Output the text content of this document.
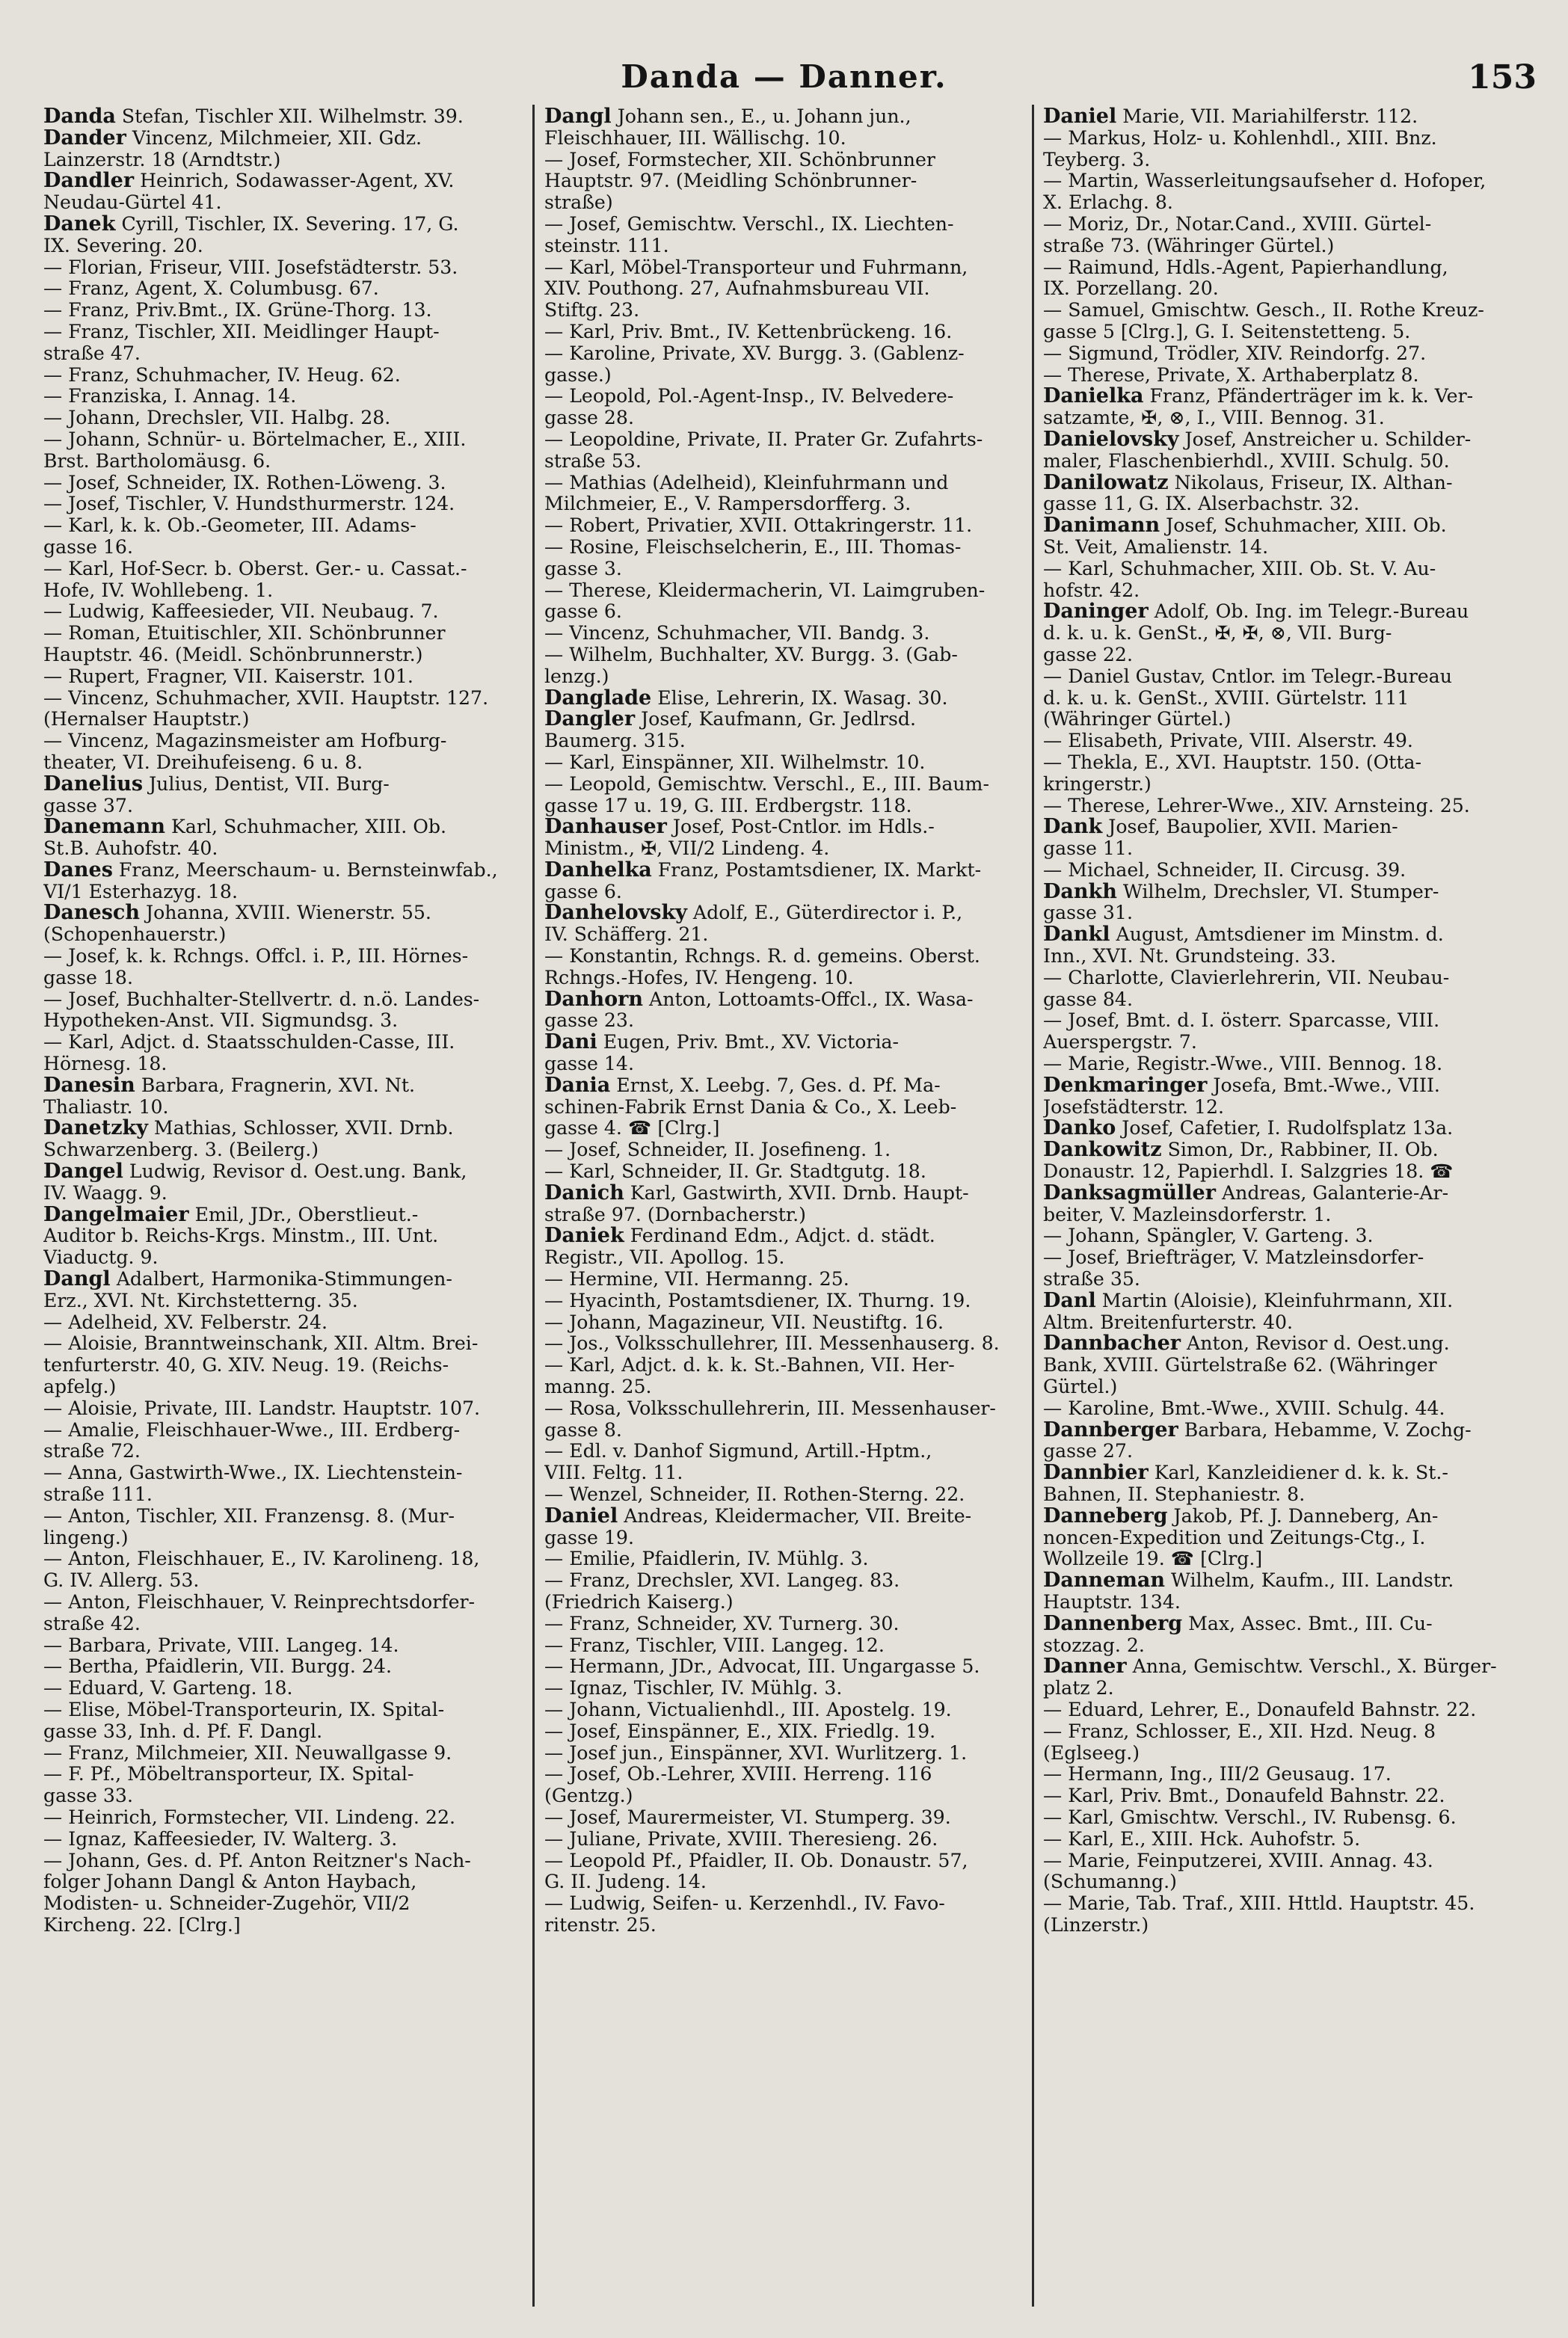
Danda — Danner.	153

Danda Stefan, Tischler XII. Wilhelmstr. 39.

Dander Vincenz, Milchmeier, XII. Gdz.
Lainzerstr. 18 (Arndtstr.)

Dandler Heinrich, Sodawasser-Agent, XV.
Neudau-Gürtel 41.

Danek Cyrill, Tischler, IX. Severing. 17, G.
IX. Severing. 20.

— Florian, Friseur, VIII. Josefstädterstr. 53.

— Franz, Agent, X. Columbusg. 67.

— Franz, Priv.Bmt., IX. Grüne-Thorg. 13.

— Franz, Tischler, XII. Meidlinger Haupt-
straße 47.

— Franz, Schuhmacher, IV. Heug. 62.

— Franziska, I. Annag. 14.

— Johann, Drechsler, VII. Halbg. 28.

— Johann, Schnür- u. Börtelmacher, E., XIII.
Brst. Bartholomäusg. 6.

— Josef, Schneider, IX. Rothen-Löweng. 3.

— Josef, Tischler, V. Hundsthurmerstr. 124.

— Karl, k. k. Ob.-Geometer, III. Adams-
gasse 16.

— Karl, Hof-Secr. b. Oberst. Ger.- u. Cassat.-
Hofe, IV. Wohllebeng. 1.

— Ludwig, Kaffeesieder, VII. Neubaug. 7.

— Roman, Etuitischler, XII. Schönbrunner
Hauptstr. 46. (Meidl. Schönbrunnerstr.)

— Rupert, Fragner, VII. Kaiserstr. 101.

— Vincenz, Schuhmacher, XVII. Hauptstr. 127.
(Hernalser Hauptstr.)

— Vincenz, Magazinsmeister am Hofburg-
theater, VI. Dreihufeiseng. 6 u. 8.

Danelius Julius, Dentist, VII. Burg-
gasse 37.

Danemann Karl, Schuhmacher, XIII. Ob.
St.B. Auhofstr. 40.

Danes Franz, Meerschaum- u. Bernsteinwfab.,
VI/1 Esterhazyg. 18.

Danesch Johanna, XVIII. Wienerstr. 55.
(Schopenhauerstr.)

— Josef, k. k. Rchngs. Offcl. i. P., III. Hörnes-
gasse 18.

— Josef, Buchhalter-Stellvertr. d. n.ö. Landes-
Hypotheken-Anst. VII. Sigmundsg. 3.

— Karl, Adjct. d. Staatsschulden-Casse, III.
Hörnesg. 18.

Danesin Barbara, Fragnerin, XVI. Nt.
Thaliastr. 10.

Danetzky Mathias, Schlosser, XVII. Drnb.
Schwarzenberg. 3. (Beilerg.)

Dangel Ludwig, Revisor d. Oest.ung. Bank,
IV. Waagg. 9.

Dangelmaier Emil, JDr., Oberstlieut.-
Auditor b. Reichs-Krgs. Minstm., III. Unt.
Viaductg. 9.

Dangl Adalbert, Harmonika-Stimmungen-
Erz., XVI. Nt. Kirchstetterng. 35.

— Adelheid, XV. Felberstr. 24.

— Aloisie, Branntweinschank, XII. Altm. Brei-
tenfurterstr. 40, G. XIV. Neug. 19. (Reichs-
apfelg.)

— Aloisie, Private, III. Landstr. Hauptstr. 107.

— Amalie, Fleischhauer-Wwe., III. Erdberg-
straße 72.

— Anna, Gastwirth-Wwe., IX. Liechtenstein-
straße 111.

— Anton, Tischler, XII. Franzensg. 8. (Mur-
lingeng.)

— Anton, Fleischhauer, E., IV. Karolineng. 18,
G. IV. Allerg. 53.

— Anton, Fleischhauer, V. Reinprechtsdorfer-
straße 42.

— Barbara, Private, VIII. Langeg. 14.

— Bertha, Pfaidlerin, VII. Burgg. 24.

— Eduard, V. Garteng. 18.

— Elise, Möbel-Transporteurin, IX. Spital-
gasse 33, Inh. d. Pf. F. Dangl.

— Franz, Milchmeier, XII. Neuwallgasse 9.

— F. Pf., Möbeltransporteur, IX. Spital-
gasse 33.

— Heinrich, Formstecher, VII. Lindeng. 22.

— Ignaz, Kaffeesieder, IV. Walterg. 3.

— Johann, Ges. d. Pf. Anton Reitzner's Nach-
folger Johann Dangl & Anton Haybach,
Modisten- u. Schneider-Zugehör, VII/2
Kircheng. 22. [Clrg.]

Dangl Johann sen., E., u. Johann jun.,
Fleischhauer, III. Wällischg. 10.

— Josef, Formstecher, XII. Schönbrunner
Hauptstr. 97. (Meidling Schönbrunner-
straße)

— Josef, Gemischtw. Verschl., IX. Liechten-
steinstr. 111.

— Karl, Möbel-Transporteur und Fuhrmann,
XIV. Pouthong. 27, Aufnahmsbureau VII.
Stiftg. 23.

— Karl, Priv. Bmt., IV. Kettenbrückeng. 16.

— Karoline, Private, XV. Burgg. 3. (Gablenz-
gasse.)

— Leopold, Pol.-Agent-Insp., IV. Belvedere-
gasse 28.

— Leopoldine, Private, II. Prater Gr. Zufahrts-
straße 53.

— Mathias (Adelheid), Kleinfuhrmann und
Milchmeier, E., V. Rampersdorfferg. 3.

— Robert, Privatier, XVII. Ottakringerstr. 11.

— Rosine, Fleischselcherin, E., III. Thomas-
gasse 3.

— Therese, Kleidermacherin, VI. Laimgruben-
gasse 6.

— Vincenz, Schuhmacher, VII. Bandg. 3.

— Wilhelm, Buchhalter, XV. Burgg. 3. (Gab-
lenzg.)

Danglade Elise, Lehrerin, IX. Wasag. 30.

Dangler Josef, Kaufmann, Gr. Jedlrsd.
Baumerg. 315.

— Karl, Einspänner, XII. Wilhelmstr. 10.

— Leopold, Gemischtw. Verschl., E., III. Baum-
gasse 17 u. 19, G. III. Erdbergstr. 118.

Danhauser Josef, Post-Cntlor. im Hdls.-
Ministm., ✠, VII/2 Lindeng. 4.

Danhelka Franz, Postamtsdiener, IX. Markt-
gasse 6.

Danhelovsky Adolf, E., Güterdirector i. P.,
IV. Schäfferg. 21.

— Konstantin, Rchngs. R. d. gemeins. Oberst.
Rchngs.-Hofes, IV. Hengeng. 10.

Danhorn Anton, Lottoamts-Offcl., IX. Wasa-
gasse 23.

Dani Eugen, Priv. Bmt., XV. Victoria-
gasse 14.

Dania Ernst, X. Leebg. 7, Ges. d. Pf. Ma-
schinen-Fabrik Ernst Dania & Co., X. Leeb-
gasse 4. ☎ [Clrg.]

— Josef, Schneider, II. Josefineng. 1.

— Karl, Schneider, II. Gr. Stadtgutg. 18.

Danich Karl, Gastwirth, XVII. Drnb. Haupt-
straße 97. (Dornbacherstr.)

Daniek Ferdinand Edm., Adjct. d. städt.
Registr., VII. Apollog. 15.

— Hermine, VII. Hermanng. 25.

— Hyacinth, Postamtsdiener, IX. Thurng. 19.

— Johann, Magazineur, VII. Neustiftg. 16.

— Jos., Volksschullehrer, III. Messenhauserg. 8.

— Karl, Adjct. d. k. k. St.-Bahnen, VII. Her-
manng. 25.

— Rosa, Volksschullehrerin, III. Messenhauser-
gasse 8.

— Edl. v. Danhof Sigmund, Artill.-Hptm.,
VIII. Feltg. 11.

— Wenzel, Schneider, II. Rothen-Sterng. 22.

Daniel Andreas, Kleidermacher, VII. Breite-
gasse 19.

— Emilie, Pfaidlerin, IV. Mühlg. 3.

— Franz, Drechsler, XVI. Langeg. 83.
(Friedrich Kaiserg.)

— Franz, Schneider, XV. Turnerg. 30.

— Franz, Tischler, VIII. Langeg. 12.

— Hermann, JDr., Advocat, III. Ungargasse 5.

— Ignaz, Tischler, IV. Mühlg. 3.

— Johann, Victualienhdl., III. Apostelg. 19.

— Josef, Einspänner, E., XIX. Friedlg. 19.

— Josef jun., Einspänner, XVI. Wurlitzerg. 1.

— Josef, Ob.-Lehrer, XVIII. Herreng. 116
(Gentzg.)

— Josef, Maurermeister, VI. Stumperg. 39.

— Juliane, Private, XVIII. Theresieng. 26.

— Leopold Pf., Pfaidler, II. Ob. Donaustr. 57,
G. II. Judeng. 14.

— Ludwig, Seifen- u. Kerzenhdl., IV. Favo-
ritenstr. 25.

Daniel Marie, VII. Mariahilferstr. 112.

— Markus, Holz- u. Kohlenhdl., XIII. Bnz.
Teyberg. 3.

— Martin, Wasserleitungsaufseher d. Hofoper,
X. Erlachg. 8.

— Moriz, Dr., Notar.Cand., XVIII. Gürtel-
straße 73. (Währinger Gürtel.)

— Raimund, Hdls.-Agent, Papierhandlung,
IX. Porzellang. 20.

— Samuel, Gmischtw. Gesch., II. Rothe Kreuz-
gasse 5 [Clrg.], G. I. Seitenstetteng. 5.

— Sigmund, Trödler, XIV. Reindorfg. 27.

— Therese, Private, X. Arthaberplatz 8.

Danielka Franz, Pfänderträger im k. k. Ver-
satzamte, ✠, ⊗, I., VIII. Bennog. 31.

Danielovsky Josef, Anstreicher u. Schilder-
maler, Flaschenbierhdl., XVIII. Schulg. 50.

Danilowatz Nikolaus, Friseur, IX. Althan-
gasse 11, G. IX. Alserbachstr. 32.

Danimann Josef, Schuhmacher, XIII. Ob.
St. Veit, Amalienstr. 14.

— Karl, Schuhmacher, XIII. Ob. St. V. Au-
hofstr. 42.

Daninger Adolf, Ob. Ing. im Telegr.-Bureau
d. k. u. k. GenSt., ✠, ✠, ⊗, VII. Burg-
gasse 22.

— Daniel Gustav, Cntlor. im Telegr.-Bureau
d. k. u. k. GenSt., XVIII. Gürtelstr. 111
(Währinger Gürtel.)

— Elisabeth, Private, VIII. Alserstr. 49.

— Thekla, E., XVI. Hauptstr. 150. (Otta-
kringerstr.)

— Therese, Lehrer-Wwe., XIV. Arnsteing. 25.

Dank Josef, Baupolier, XVII. Marien-
gasse 11.

— Michael, Schneider, II. Circusg. 39.

Dankh Wilhelm, Drechsler, VI. Stumper-
gasse 31.

Dankl August, Amtsdiener im Minstm. d.
Inn., XVI. Nt. Grundsteing. 33.

— Charlotte, Clavierlehrerin, VII. Neubau-
gasse 84.

— Josef, Bmt. d. I. österr. Sparcasse, VIII.
Auerspergstr. 7.

— Marie, Registr.-Wwe., VIII. Bennog. 18.

Denkmaringer Josefa, Bmt.-Wwe., VIII.
Josefstädterstr. 12.

Danko Josef, Cafetier, I. Rudolfsplatz 13a.

Dankowitz Simon, Dr., Rabbiner, II. Ob.
Donaustr. 12, Papierhdl. I. Salzgries 18. ☎

Danksagmüller Andreas, Galanterie-Ar-
beiter, V. Mazleinsdorferstr. 1.

— Johann, Spängler, V. Garteng. 3.

— Josef, Briefträger, V. Matzleinsdorfer-
straße 35.

Danl Martin (Aloisie), Kleinfuhrmann, XII.
Altm. Breitenfurterstr. 40.

Dannbacher Anton, Revisor d. Oest.ung.
Bank, XVIII. Gürtelstraße 62. (Währinger
Gürtel.)

— Karoline, Bmt.-Wwe., XVIII. Schulg. 44.

Dannberger Barbara, Hebamme, V. Zochg-
gasse 27.

Dannbier Karl, Kanzleidiener d. k. k. St.-
Bahnen, II. Stephaniestr. 8.

Danneberg Jakob, Pf. J. Danneberg, An-
noncen-Expedition und Zeitungs-Ctg., I.
Wollzeile 19. ☎ [Clrg.]

Danneman Wilhelm, Kaufm., III. Landstr.
Hauptstr. 134.

Dannenberg Max, Assec. Bmt., III. Cu-
stozzag. 2.

Danner Anna, Gemischtw. Verschl., X. Bürger-
platz 2.

— Eduard, Lehrer, E., Donaufeld Bahnstr. 22.

— Franz, Schlosser, E., XII. Hzd. Neug. 8
(Eglseeg.)

— Hermann, Ing., III/2 Geusaug. 17.

— Karl, Priv. Bmt., Donaufeld Bahnstr. 22.

— Karl, Gmischtw. Verschl., IV. Rubensg. 6.

— Karl, E., XIII. Hck. Auhofstr. 5.

— Marie, Feinputzerei, XVIII. Annag. 43.
(Schumanng.)

— Marie, Tab. Traf., XIII. Httld. Hauptstr. 45.
(Linzerstr.)
